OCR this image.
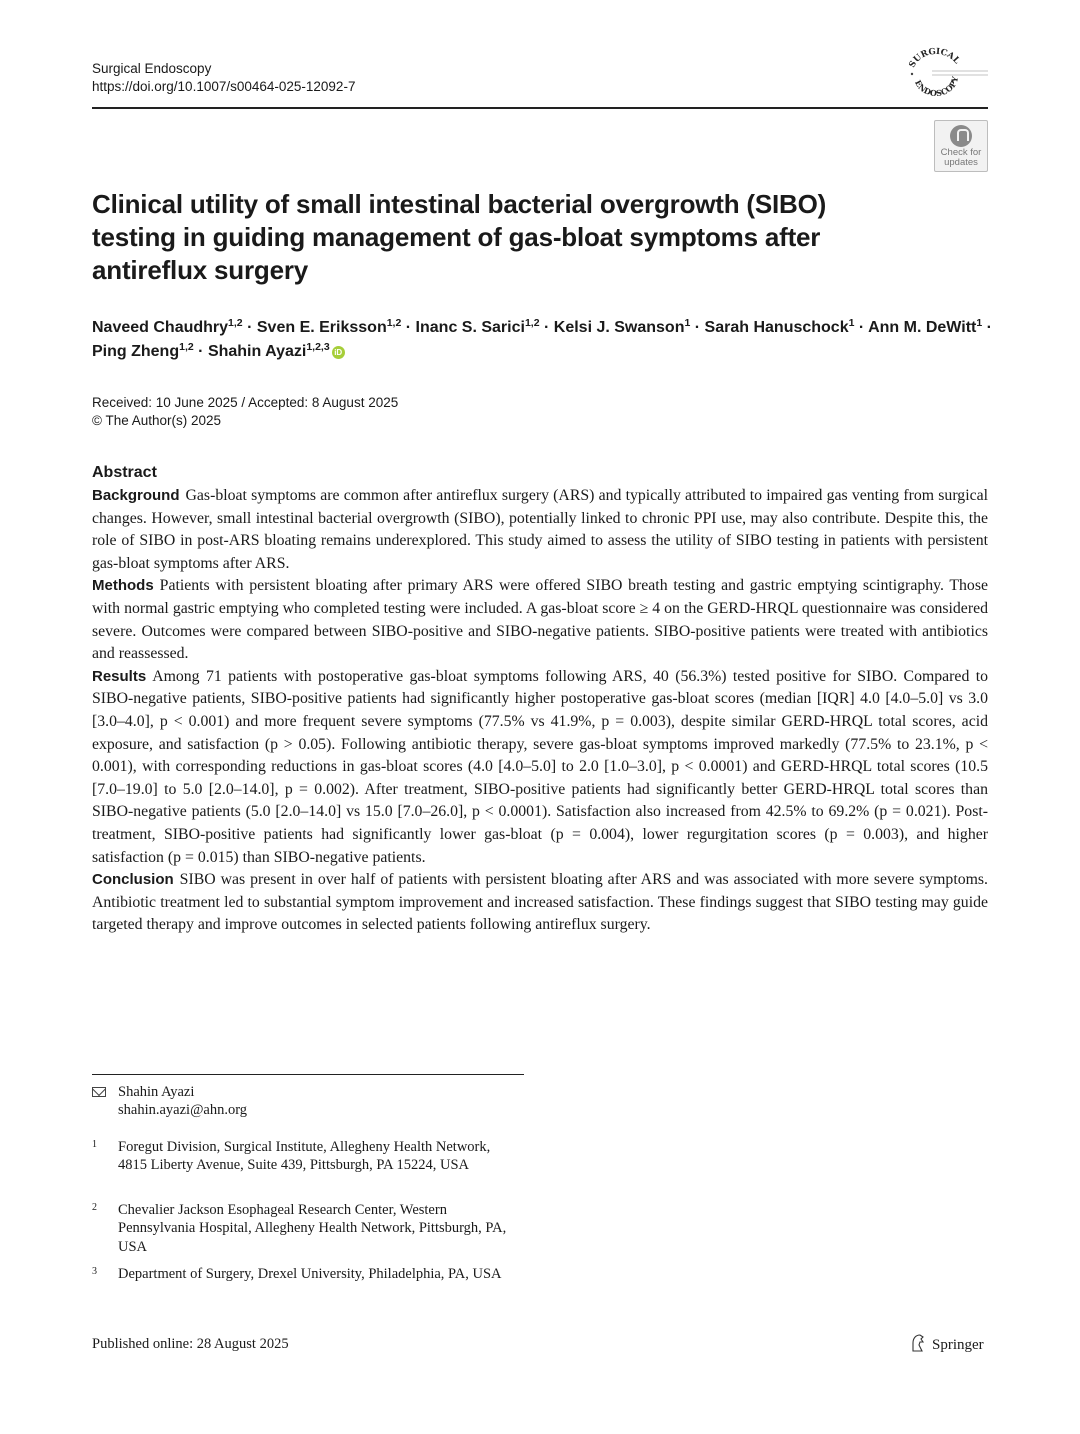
Surgical Endoscopy
https://doi.org/10.1007/s00464-025-12092-7
SURGICAL
ENDOSCOPY
Check for updates
Clinical utility of small intestinal bacterial overgrowth (SIBO) testing in guiding management of gas-bloat symptoms after antireflux surgery
Naveed Chaudhry$^{1,2}$ · Sven E. Eriksson$^{1,2}$ · Inanc S. Sarici$^{1,2}$ · Kelsi J. Swanson$^1$ · Sarah Hanuschock$^1$ · Ann M. DeWitt$^1$ ·
Ping Zheng$^{1,2}$ · Shahin Ayazi$^{1,2,3}$ iD
Received: 10 June 2025 / Accepted: 8 August 2025
© The Author(s) 2025
Abstract

Background Gas-bloat symptoms are common after antireflux surgery (ARS) and typically attributed to impaired gas venting from surgical changes. However, small intestinal bacterial overgrowth (SIBO), potentially linked to chronic PPI use, may also contribute. Despite this, the role of SIBO in post-ARS bloating remains underexplored. This study aimed to assess the utility of SIBO testing in patients with persistent gas-bloat symptoms after ARS.

Methods Patients with persistent bloating after primary ARS were offered SIBO breath testing and gastric emptying scintigraphy. Those with normal gastric emptying who completed testing were included. A gas-bloat score ≥ 4 on the GERD-HRQL questionnaire was considered severe. Outcomes were compared between SIBO-positive and SIBO-negative patients. SIBO-positive patients were treated with antibiotics and reassessed.

Results Among 71 patients with postoperative gas-bloat symptoms following ARS, 40 (56.3%) tested positive for SIBO. Compared to SIBO-negative patients, SIBO-positive patients had significantly higher postoperative gas-bloat scores (median [IQR] 4.0 [4.0–5.0] vs 3.0 [3.0–4.0], p < 0.001) and more frequent severe symptoms (77.5% vs 41.9%, p = 0.003), despite similar GERD-HRQL total scores, acid exposure, and satisfaction (p > 0.05). Following antibiotic therapy, severe gas-bloat symptoms improved markedly (77.5% to 23.1%, p < 0.001), with corresponding reductions in gas-bloat scores (4.0 [4.0–5.0] to 2.0 [1.0–3.0], p < 0.0001) and GERD-HRQL total scores (10.5 [7.0–19.0] to 5.0 [2.0–14.0], p = 0.002). After treatment, SIBO-positive patients had significantly better GERD-HRQL total scores than SIBO-negative patients (5.0 [2.0–14.0] vs 15.0 [7.0–26.0], p < 0.0001). Satisfaction also increased from 42.5% to 69.2% (p = 0.021). Post-treatment, SIBO-positive patients had significantly lower gas-bloat (p = 0.004), lower regurgitation scores (p = 0.003), and higher satisfaction (p = 0.015) than SIBO-negative patients.

Conclusion SIBO was present in over half of patients with persistent bloating after ARS and was associated with more severe symptoms. Antibiotic treatment led to substantial symptom improvement and increased satisfaction. These findings suggest that SIBO testing may guide targeted therapy and improve outcomes in selected patients following antireflux surgery.

Shahin Ayazi
shahin.ayazi@ahn.org
1 Foregut Division, Surgical Institute, Allegheny Health Network, 4815 Liberty Avenue, Suite 439, Pittsburgh, PA 15224, USA
2 Chevalier Jackson Esophageal Research Center, Western Pennsylvania Hospital, Allegheny Health Network, Pittsburgh, PA, USA
3 Department of Surgery, Drexel University, Philadelphia, PA, USA
Published online: 28 August 2025	Springer
